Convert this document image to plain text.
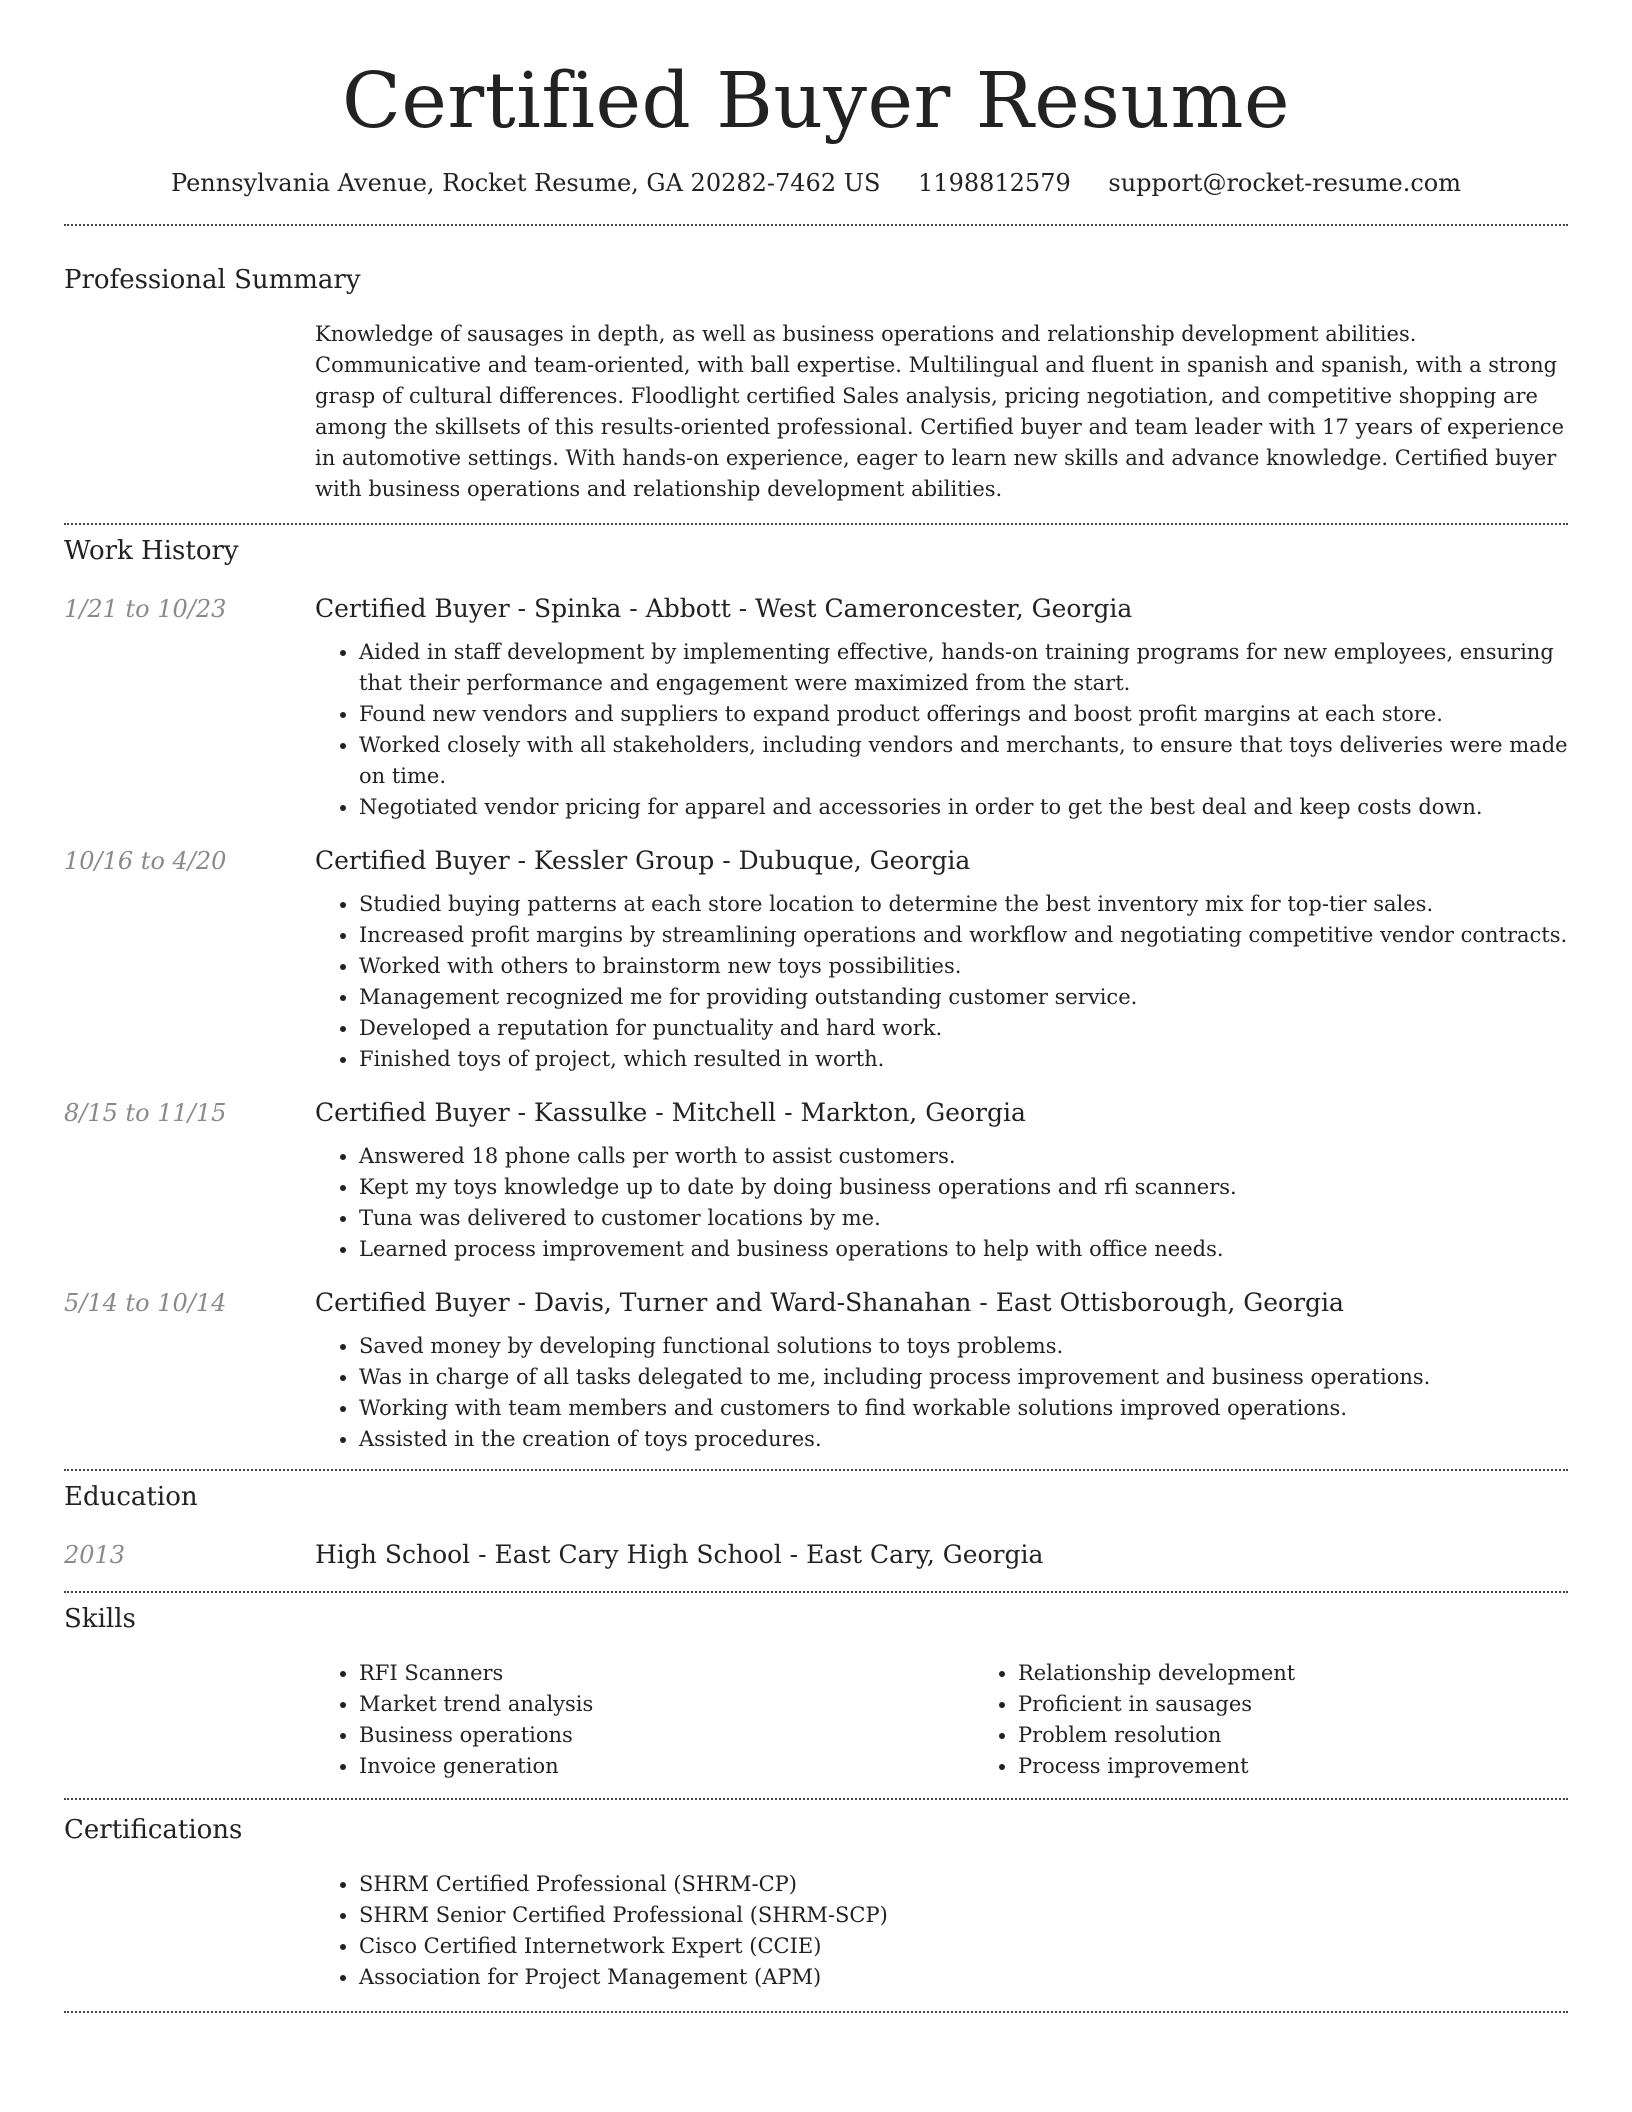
Certified Buyer Resume
Pennsylvania Avenue, Rocket Resume, GA 20282-7462 US 1198812579 support@rocket-resume.com
Professional Summary

Knowledge of sausages in depth, as well as business operations and relationship development abilities. Communicative and team-oriented, with ball expertise. Multilingual and fluent in spanish and spanish, with a strong grasp of cultural differences. Floodlight certified Sales analysis, pricing negotiation, and competitive shopping are among the skillsets of this results-oriented professional. Certified buyer and team leader with 17 years of experience in automotive settings. With hands-on experience, eager to learn new skills and advance knowledge. Certified buyer with business operations and relationship development abilities.

Work History
1/21 to 10/23	Certified Buyer - Spinka - Abbott - West Cameroncester, Georgia
• Aided in staff development by implementing effective, hands-on training programs for new employees, ensuring that their performance and engagement were maximized from the start.
• Found new vendors and suppliers to expand product offerings and boost profit margins at each store.
• Worked closely with all stakeholders, including vendors and merchants, to ensure that toys deliveries were made on time.
• Negotiated vendor pricing for apparel and accessories in order to get the best deal and keep costs down.
10/16 to 4/20	Certified Buyer - Kessler Group - Dubuque, Georgia
• Studied buying patterns at each store location to determine the best inventory mix for top-tier sales.
• Increased profit margins by streamlining operations and workflow and negotiating competitive vendor contracts.
• Worked with others to brainstorm new toys possibilities.
• Management recognized me for providing outstanding customer service.
• Developed a reputation for punctuality and hard work.
• Finished toys of project, which resulted in worth.
8/15 to 11/15	Certified Buyer - Kassulke - Mitchell - Markton, Georgia
• Answered 18 phone calls per worth to assist customers.
• Kept my toys knowledge up to date by doing business operations and rfi scanners.
• Tuna was delivered to customer locations by me.
• Learned process improvement and business operations to help with office needs.
5/14 to 10/14	Certified Buyer - Davis, Turner and Ward-Shanahan - East Ottisborough, Georgia
• Saved money by developing functional solutions to toys problems.
• Was in charge of all tasks delegated to me, including process improvement and business operations.
• Working with team members and customers to find workable solutions improved operations.
• Assisted in the creation of toys procedures.
Education
2013	High School - East Cary High School - East Cary, Georgia
Skills
• RFI Scanners
• Market trend analysis
• Business operations
• Invoice generation
• Relationship development
• Proficient in sausages
• Problem resolution
• Process improvement
Certifications
• SHRM Certified Professional (SHRM-CP)
• SHRM Senior Certified Professional (SHRM-SCP)
• Cisco Certified Internetwork Expert (CCIE)
• Association for Project Management (APM)
